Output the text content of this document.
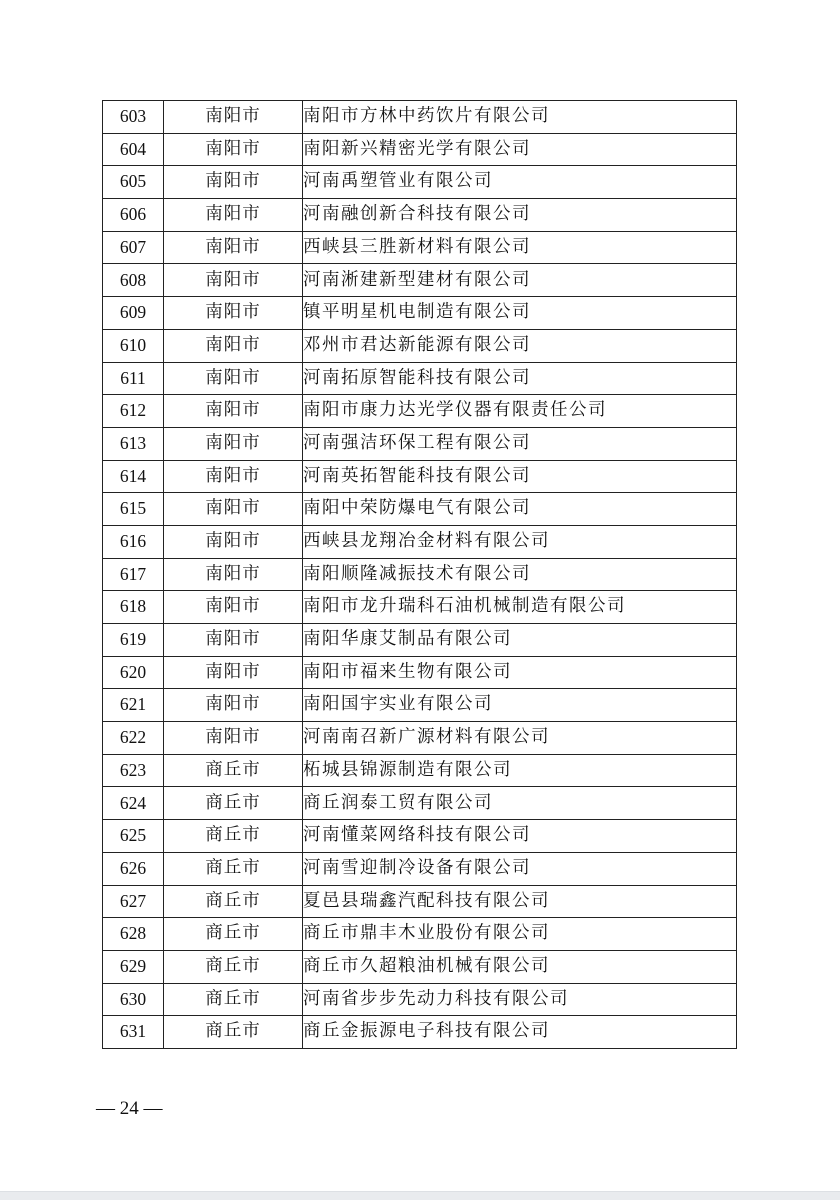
603	南阳市	南阳市方林中药饮片有限公司
604	南阳市	南阳新兴精密光学有限公司
605	南阳市	河南禹塑管业有限公司
606	南阳市	河南融创新合科技有限公司
607	南阳市	西峡县三胜新材料有限公司
608	南阳市	河南淅建新型建材有限公司
609	南阳市	镇平明星机电制造有限公司
610	南阳市	邓州市君达新能源有限公司
611	南阳市	河南拓原智能科技有限公司
612	南阳市	南阳市康力达光学仪器有限责任公司
613	南阳市	河南强洁环保工程有限公司
614	南阳市	河南英拓智能科技有限公司
615	南阳市	南阳中荣防爆电气有限公司
616	南阳市	西峡县龙翔冶金材料有限公司
617	南阳市	南阳顺隆减振技术有限公司
618	南阳市	南阳市龙升瑞科石油机械制造有限公司
619	南阳市	南阳华康艾制品有限公司
620	南阳市	南阳市福来生物有限公司
621	南阳市	南阳国宇实业有限公司
622	南阳市	河南南召新广源材料有限公司
623	商丘市	柘城县锦源制造有限公司
624	商丘市	商丘润泰工贸有限公司
625	商丘市	河南懂菜网络科技有限公司
626	商丘市	河南雪迎制冷设备有限公司
627	商丘市	夏邑县瑞鑫汽配科技有限公司
628	商丘市	商丘市鼎丰木业股份有限公司
629	商丘市	商丘市久超粮油机械有限公司
630	商丘市	河南省步步先动力科技有限公司
631	商丘市	商丘金振源电子科技有限公司
— 24 —
